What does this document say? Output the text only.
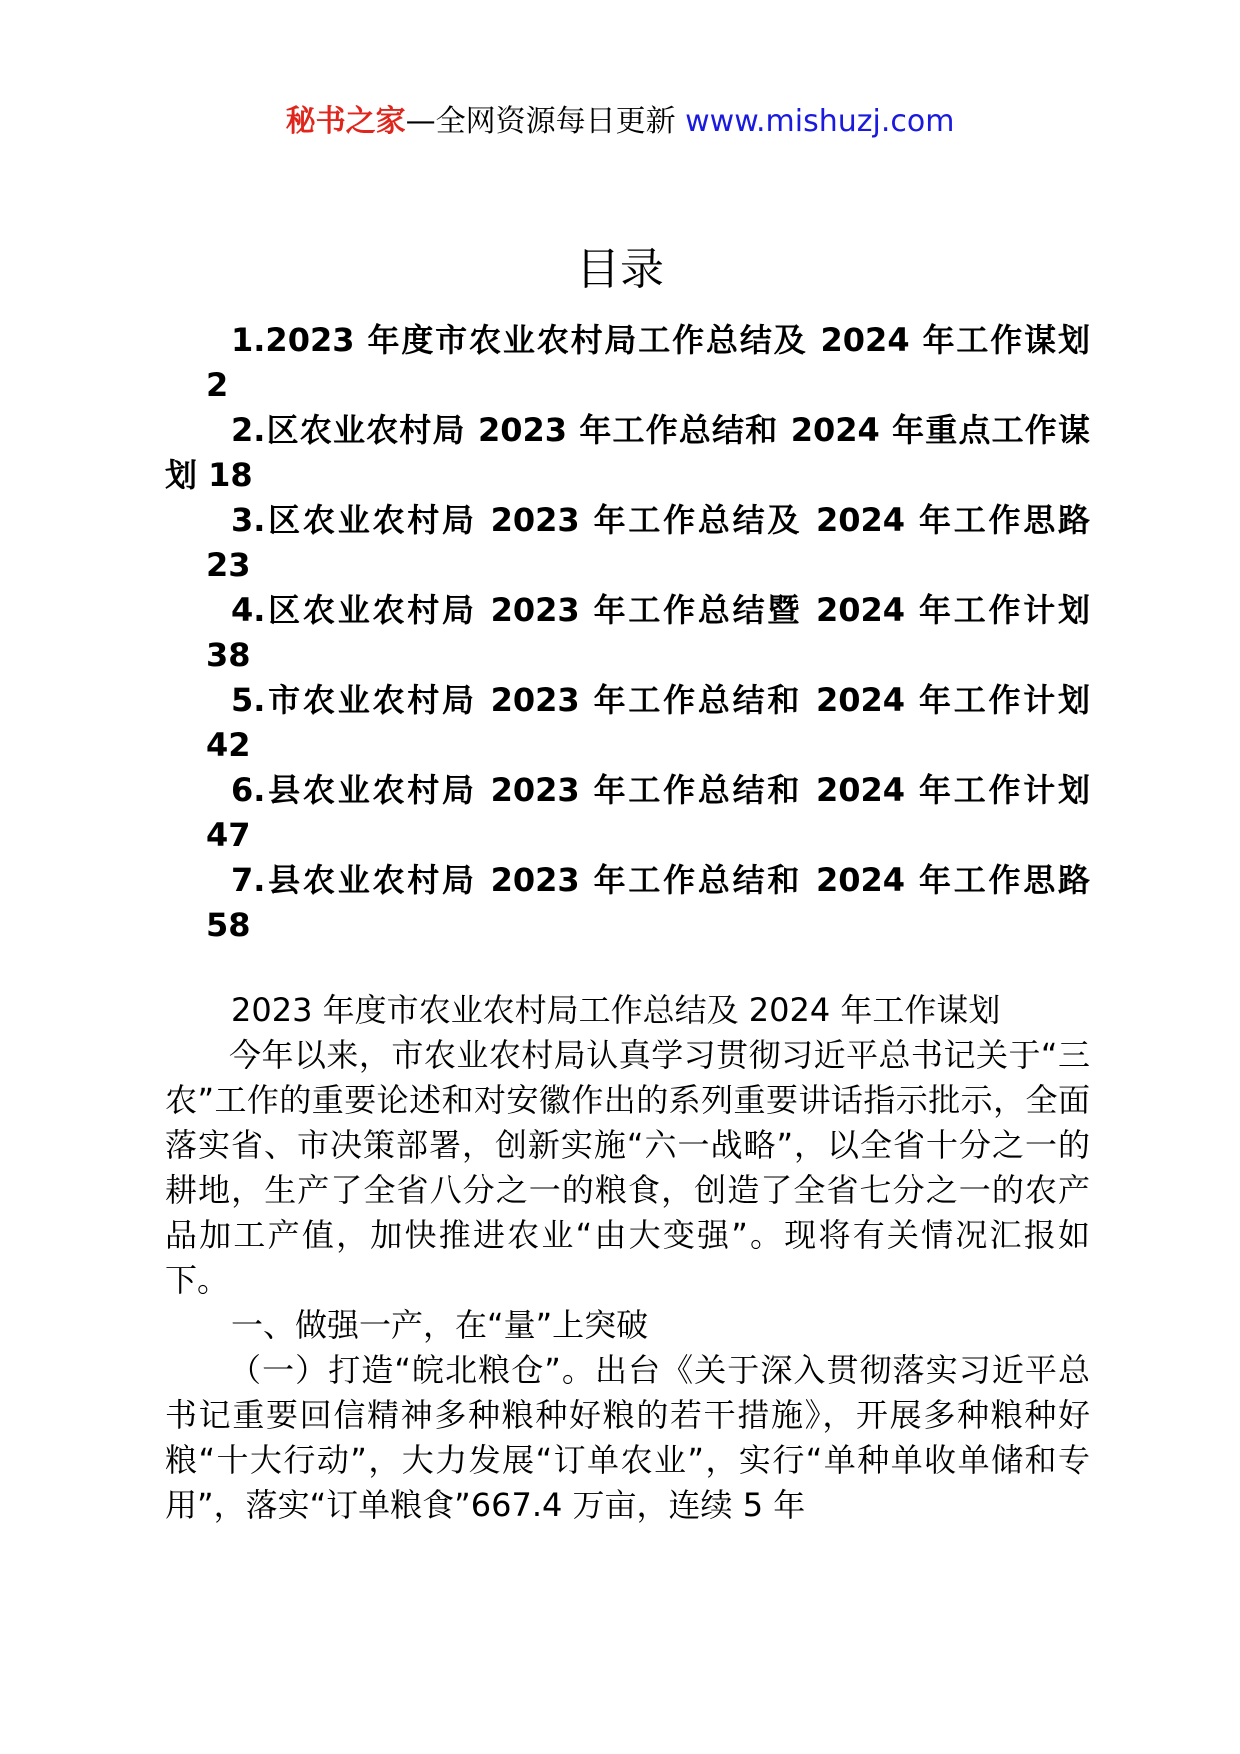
秘书之家—全网资源每日更新 www.mishuzj.com
目录

1.2023 年度市农业农村局工作总结及 2024 年工作谋划
2

2.区农业农村局 2023 年工作总结和 2024 年重点工作谋
划 18

3.区农业农村局 2023 年工作总结及 2024 年工作思路
23

4.区农业农村局 2023 年工作总结暨 2024 年工作计划
38

5.市农业农村局 2023 年工作总结和 2024 年工作计划
42

6.县农业农村局 2023 年工作总结和 2024 年工作计划
47

7.县农业农村局 2023 年工作总结和 2024 年工作思路
58

2023 年度市农业农村局工作总结及 2024 年工作谋划

今年以来，市农业农村局认真学习贯彻习近平总书记关于“三农”工作的重要论述和对安徽作出的系列重要讲话指示批示，全面落实省、市决策部署，创新实施“六一战略”，以全省十分之一的耕地，生产了全省八分之一的粮食，创造了全省七分之一的农产品加工产值，加快推进农业“由大变强”。现将有关情况汇报如下。

一、做强一产，在“量”上突破

（一）打造“皖北粮仓”。出台《关于深入贯彻落实习近平总书记重要回信精神多种粮种好粮的若干措施》，开展多种粮种好粮“十大行动”，大力发展“订单农业”，实行“单种单收单储和专用”，落实“订单粮食”667.4 万亩，连续 5 年
